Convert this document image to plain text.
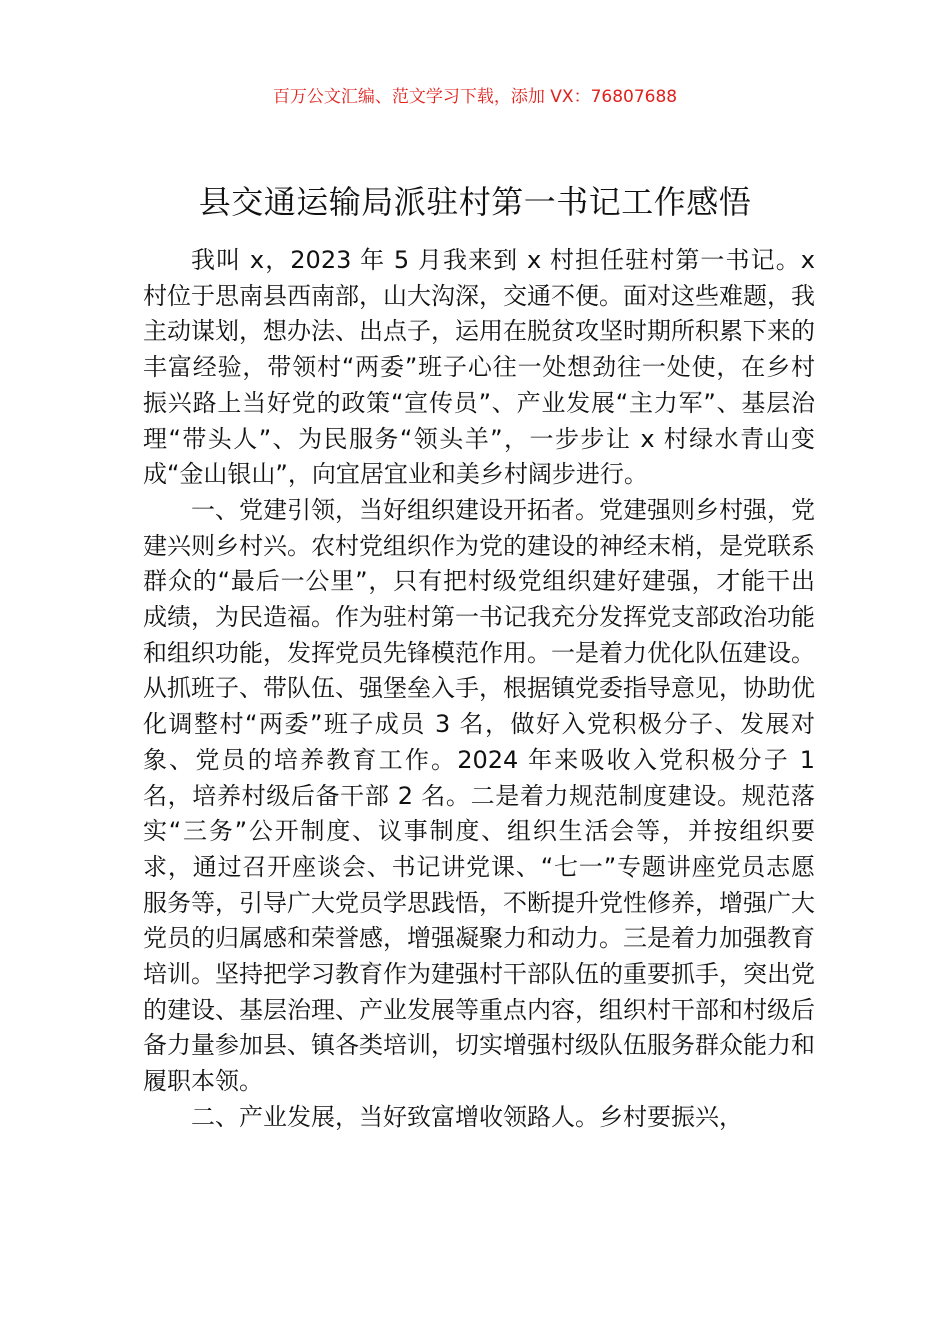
百万公文汇编、范文学习下载，添加 VX：76807688
县交通运输局派驻村第一书记工作感悟

我叫 x，2023 年 5 月我来到 x 村担任驻村第一书记。x 村位于思南县西南部，山大沟深，交通不便。面对这些难题，我主动谋划，想办法、出点子，运用在脱贫攻坚时期所积累下来的丰富经验，带领村“两委”班子心往一处想劲往一处使，在乡村振兴路上当好党的政策“宣传员”、产业发展“主力军”、基层治理“带头人”、为民服务“领头羊”，一步步让 x 村绿水青山变成“金山银山”，向宜居宜业和美乡村阔步进行。

一、党建引领，当好组织建设开拓者。党建强则乡村强，党建兴则乡村兴。农村党组织作为党的建设的神经末梢，是党联系群众的“最后一公里”，只有把村级党组织建好建强，才能干出成绩，为民造福。作为驻村第一书记我充分发挥党支部政治功能和组织功能，发挥党员先锋模范作用。一是着力优化队伍建设。从抓班子、带队伍、强堡垒入手，根据镇党委指导意见，协助优化调整村“两委”班子成员 3 名，做好入党积极分子、发展对象、党员的培养教育工作。2024 年来吸收入党积极分子 1 名，培养村级后备干部 2 名。二是着力规范制度建设。规范落实“三务”公开制度、议事制度、组织生活会等，并按组织要求，通过召开座谈会、书记讲党课、“七一”专题讲座党员志愿服务等，引导广大党员学思践悟，不断提升党性修养，增强广大党员的归属感和荣誉感，增强凝聚力和动力。三是着力加强教育培训。坚持把学习教育作为建强村干部队伍的重要抓手，突出党的建设、基层治理、产业发展等重点内容，组织村干部和村级后备力量参加县、镇各类培训，切实增强村级队伍服务群众能力和履职本领。

二、产业发展，当好致富增收领路人。乡村要振兴，
